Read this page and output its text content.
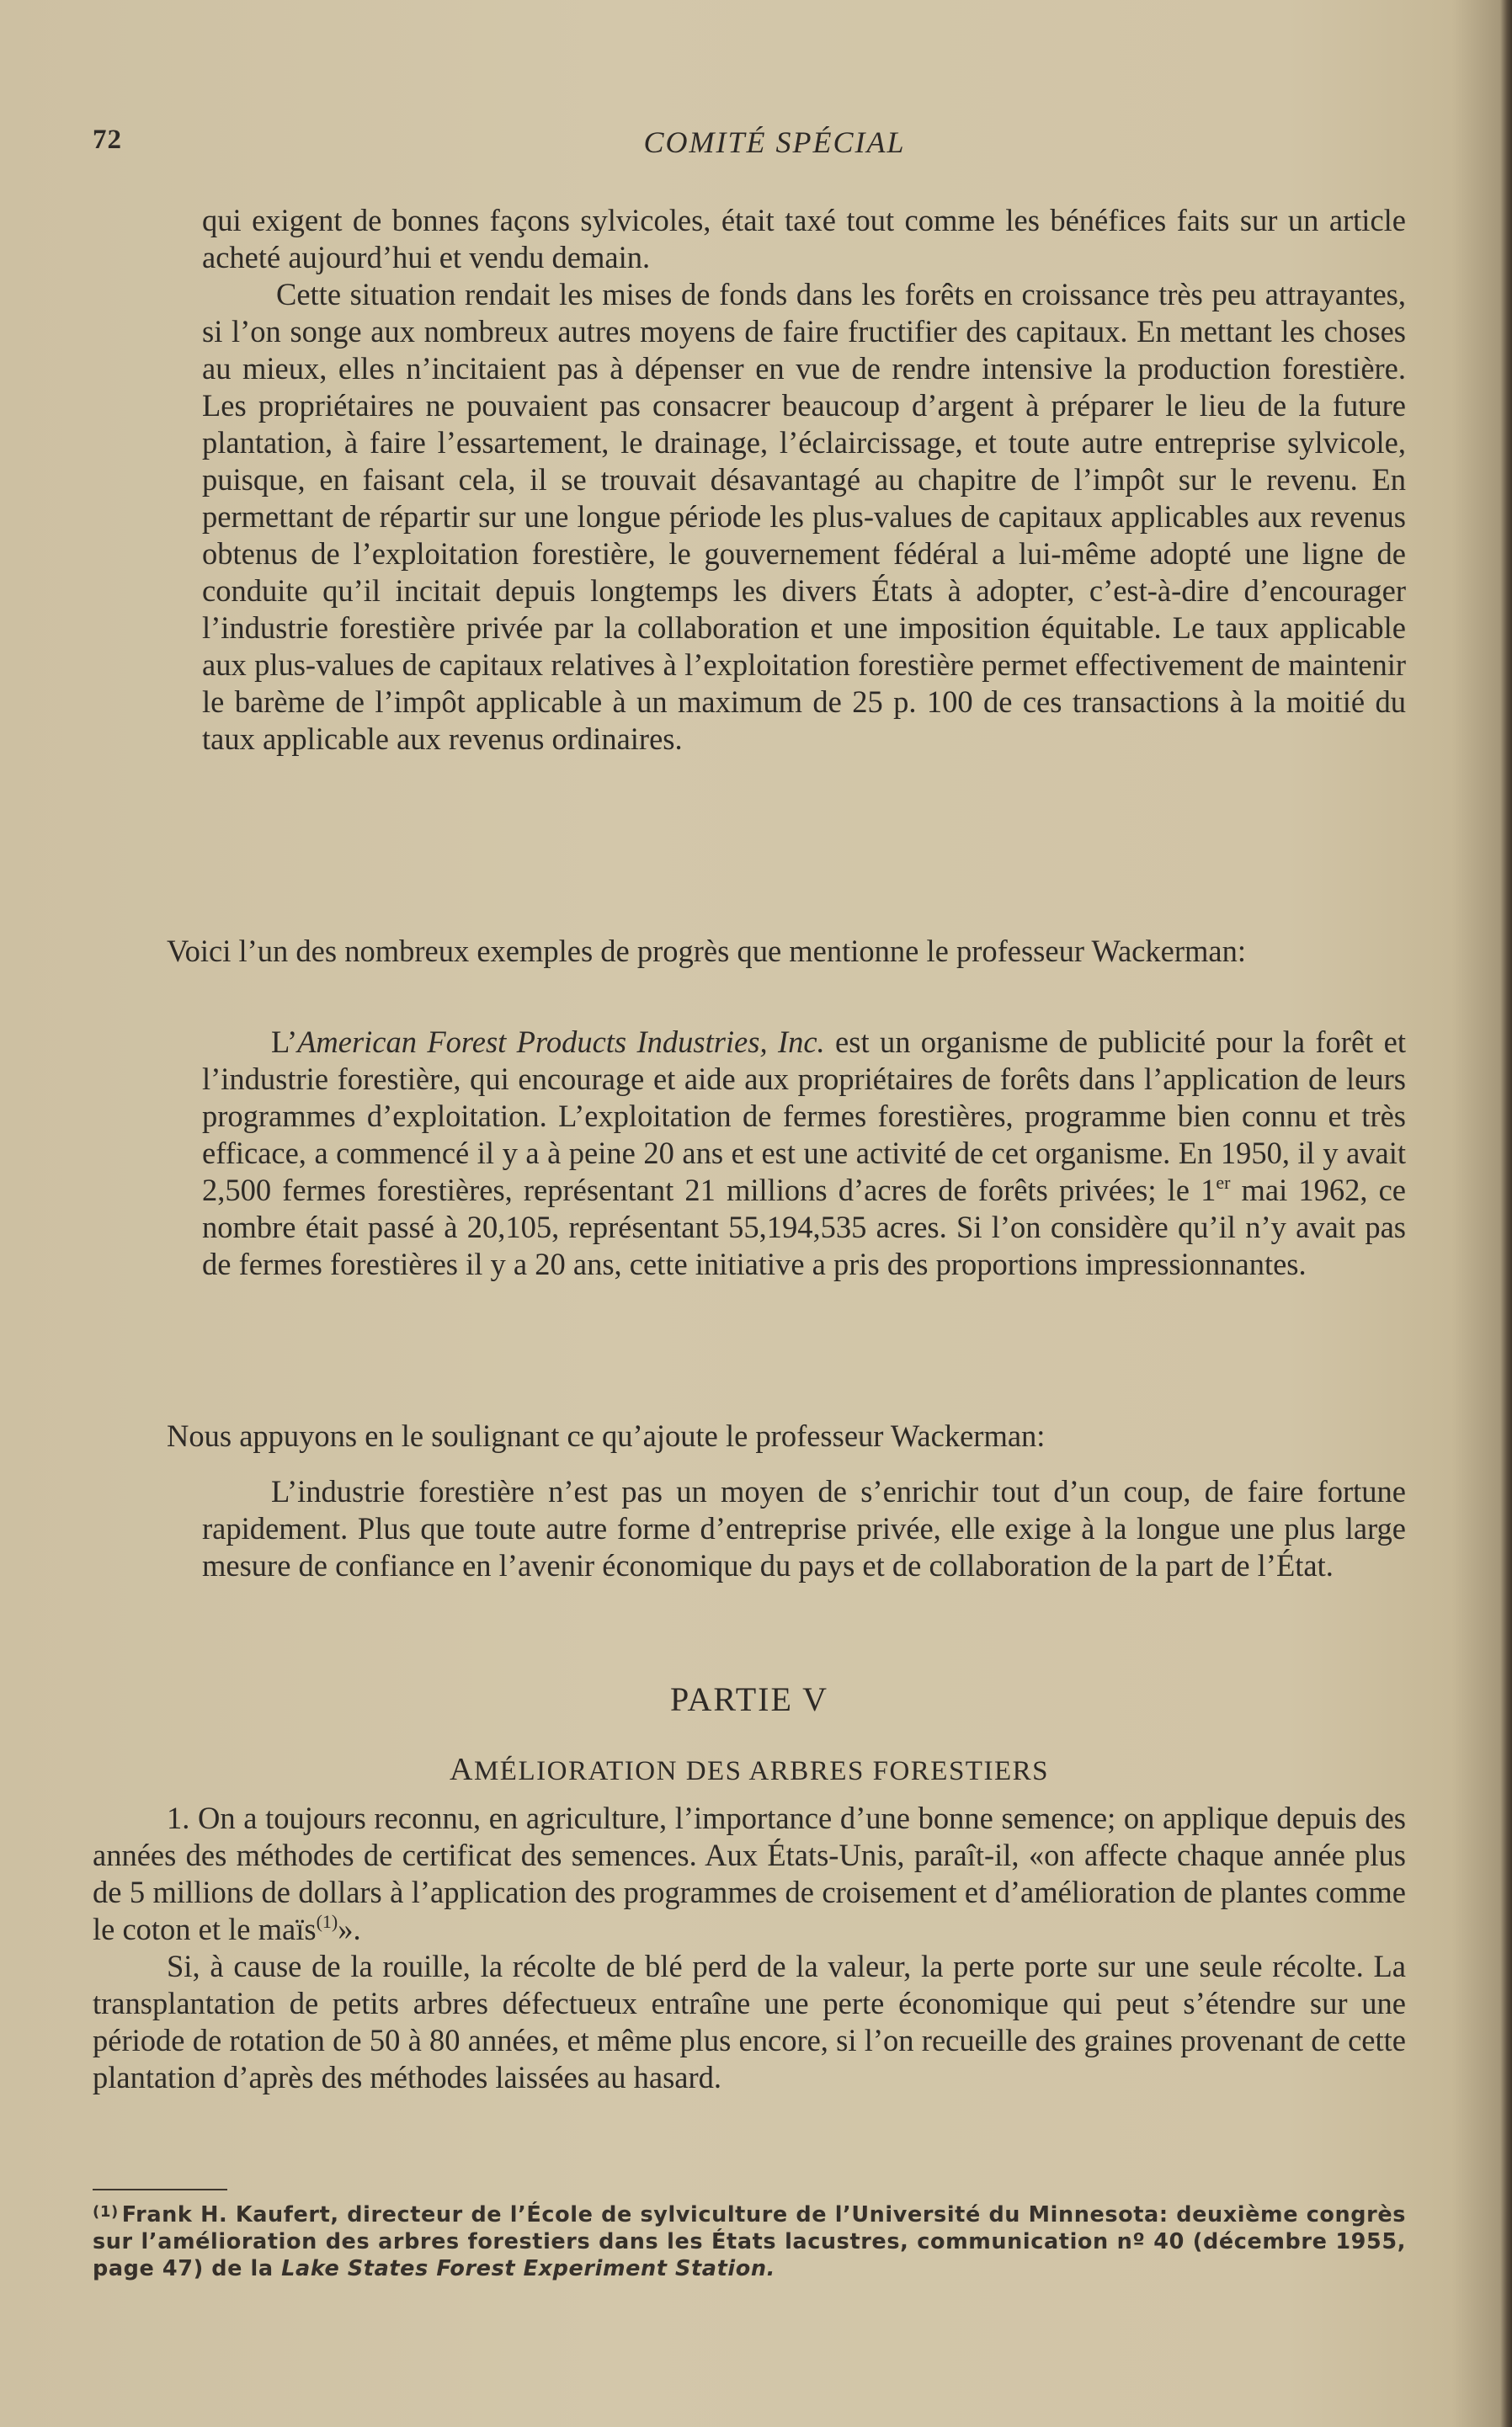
72	COMITÉ SPÉCIAL

qui exigent de bonnes façons sylvicoles, était taxé tout comme les bénéfices faits sur un article acheté aujourd’hui et vendu demain.

Cette situation rendait les mises de fonds dans les forêts en croissance très peu attrayantes, si l’on songe aux nombreux autres moyens de faire fructifier des capitaux. En mettant les choses au mieux, elles n’incitaient pas à dépenser en vue de rendre intensive la production forestière. Les propriétaires ne pouvaient pas consacrer beaucoup d’argent à préparer le lieu de la future plantation, à faire l’essartement, le drainage, l’éclaircissage, et toute autre entreprise sylvicole, puisque, en faisant cela, il se trouvait désavantagé au chapitre de l’impôt sur le revenu. En permettant de répartir sur une longue période les plus-values de capitaux applicables aux revenus obtenus de l’exploitation forestière, le gouvernement fédéral a lui-même adopté une ligne de conduite qu’il incitait depuis longtemps les divers États à adopter, c’est-à-dire d’encourager l’industrie forestière privée par la collaboration et une imposition équitable. Le taux applicable aux plus-values de capitaux relatives à l’exploitation forestière permet effectivement de maintenir le barème de l’impôt applicable à un maximum de 25 p. 100 de ces transactions à la moitié du taux applicable aux revenus ordinaires.

Voici l’un des nombreux exemples de progrès que mentionne le professeur Wackerman:

L’American Forest Products Industries, Inc. est un organisme de publicité pour la forêt et l’industrie forestière, qui encourage et aide aux propriétaires de forêts dans l’application de leurs programmes d’exploitation. L’exploitation de fermes forestières, programme bien connu et très efficace, a commencé il y a à peine 20 ans et est une activité de cet organisme. En 1950, il y avait 2,500 fermes forestières, représentant 21 millions d’acres de forêts privées; le 1er mai 1962, ce nombre était passé à 20,105, représentant 55,194,535 acres. Si l’on considère qu’il n’y avait pas de fermes forestières il y a 20 ans, cette initiative a pris des proportions impressionnantes.

Nous appuyons en le soulignant ce qu’ajoute le professeur Wackerman:

L’industrie forestière n’est pas un moyen de s’enrichir tout d’un coup, de faire fortune rapidement. Plus que toute autre forme d’entreprise privée, elle exige à la longue une plus large mesure de confiance en l’avenir économique du pays et de collaboration de la part de l’État.

PARTIE V
AMÉLIORATION DES ARBRES FORESTIERS

1. On a toujours reconnu, en agriculture, l’importance d’une bonne semence; on applique depuis des années des méthodes de certificat des semences. Aux États-Unis, paraît-il, «on affecte chaque année plus de 5 millions de dollars à l’application des programmes de croisement et d’amélioration de plantes comme le coton et le maïs$^{(1)}$».

Si, à cause de la rouille, la récolte de blé perd de la valeur, la perte porte sur une seule récolte. La transplantation de petits arbres défectueux entraîne une perte économique qui peut s’étendre sur une période de rotation de 50 à 80 années, et même plus encore, si l’on recueille des graines provenant de cette plantation d’après des méthodes laissées au hasard.

$^{(1)}$ Frank H. Kaufert, directeur de l’École de sylviculture de l’Université du Minnesota: deuxième congrès sur l’amélioration des arbres forestiers dans les États lacustres, communication nº 40 (décembre 1955, page 47) de la Lake States Forest Experiment Station.
